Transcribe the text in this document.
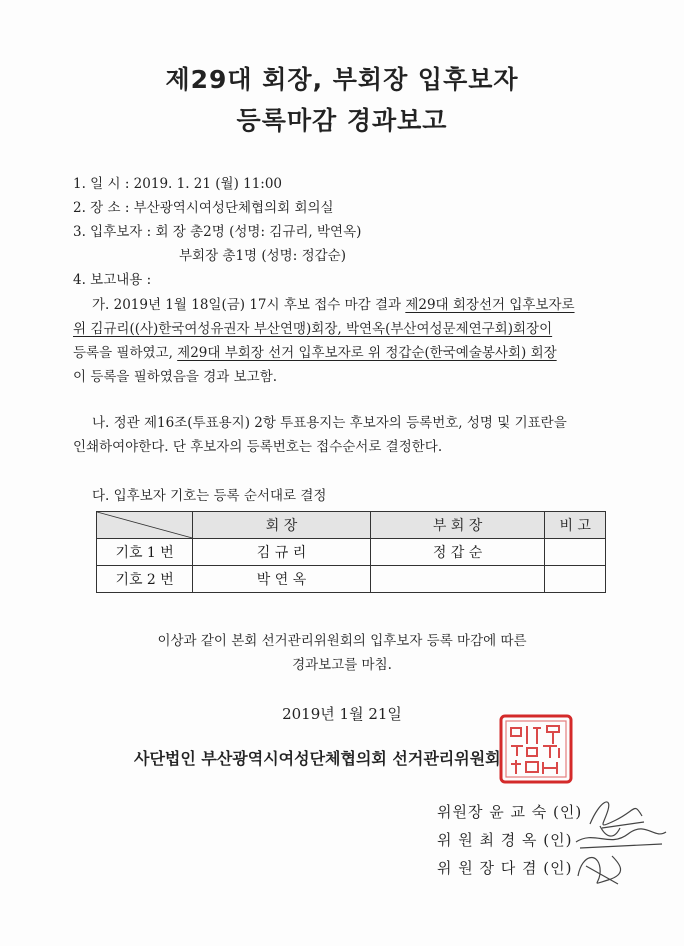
제29대 회장, 부회장 입후보자
등록마감 경과보고
1. 일 시 : 2019. 1. 21 (월) 11:00
2. 장 소 : 부산광역시여성단체협의회 회의실
3. 입후보자 : 회 장 총2명 (성명: 김규리, 박연옥)
부회장 총1명 (성명: 정갑순)
4. 보고내용 :
가. 2019년 1월 18일(금) 17시 후보 접수 마감 결과 제29대 회장선거 입후보자로
위 김규리((사)한국여성유권자 부산연맹)회장, 박연옥(부산여성문제연구회)회장이
등록을 필하였고, 제29대 부회장 선거 입후보자로 위 정갑순(한국예술봉사회) 회장
이 등록을 필하였음을 경과 보고함.
나. 정관 제16조(투표용지) 2항 투표용지는 후보자의 등록번호, 성명 및 기표란을
인쇄하여야한다. 단 후보자의 등록번호는 접수순서로 결정한다.
다. 입후보자 기호는 등록 순서대로 결정
	회 장	부 회 장	비 고
기호 1 번	김 규 리	정 갑 순	
기호 2 번	박 연 옥		
이상과 같이 본회 선거관리위원회의 입후보자 등록 마감에 따른
경과보고를 마침.
2019년 1월 21일
사단법인 부산광역시여성단체협의회 선거관리위원회
위원장 윤 교 숙 (인)
위 원 최 경 옥 (인)
위 원 장 다 겸 (인)
